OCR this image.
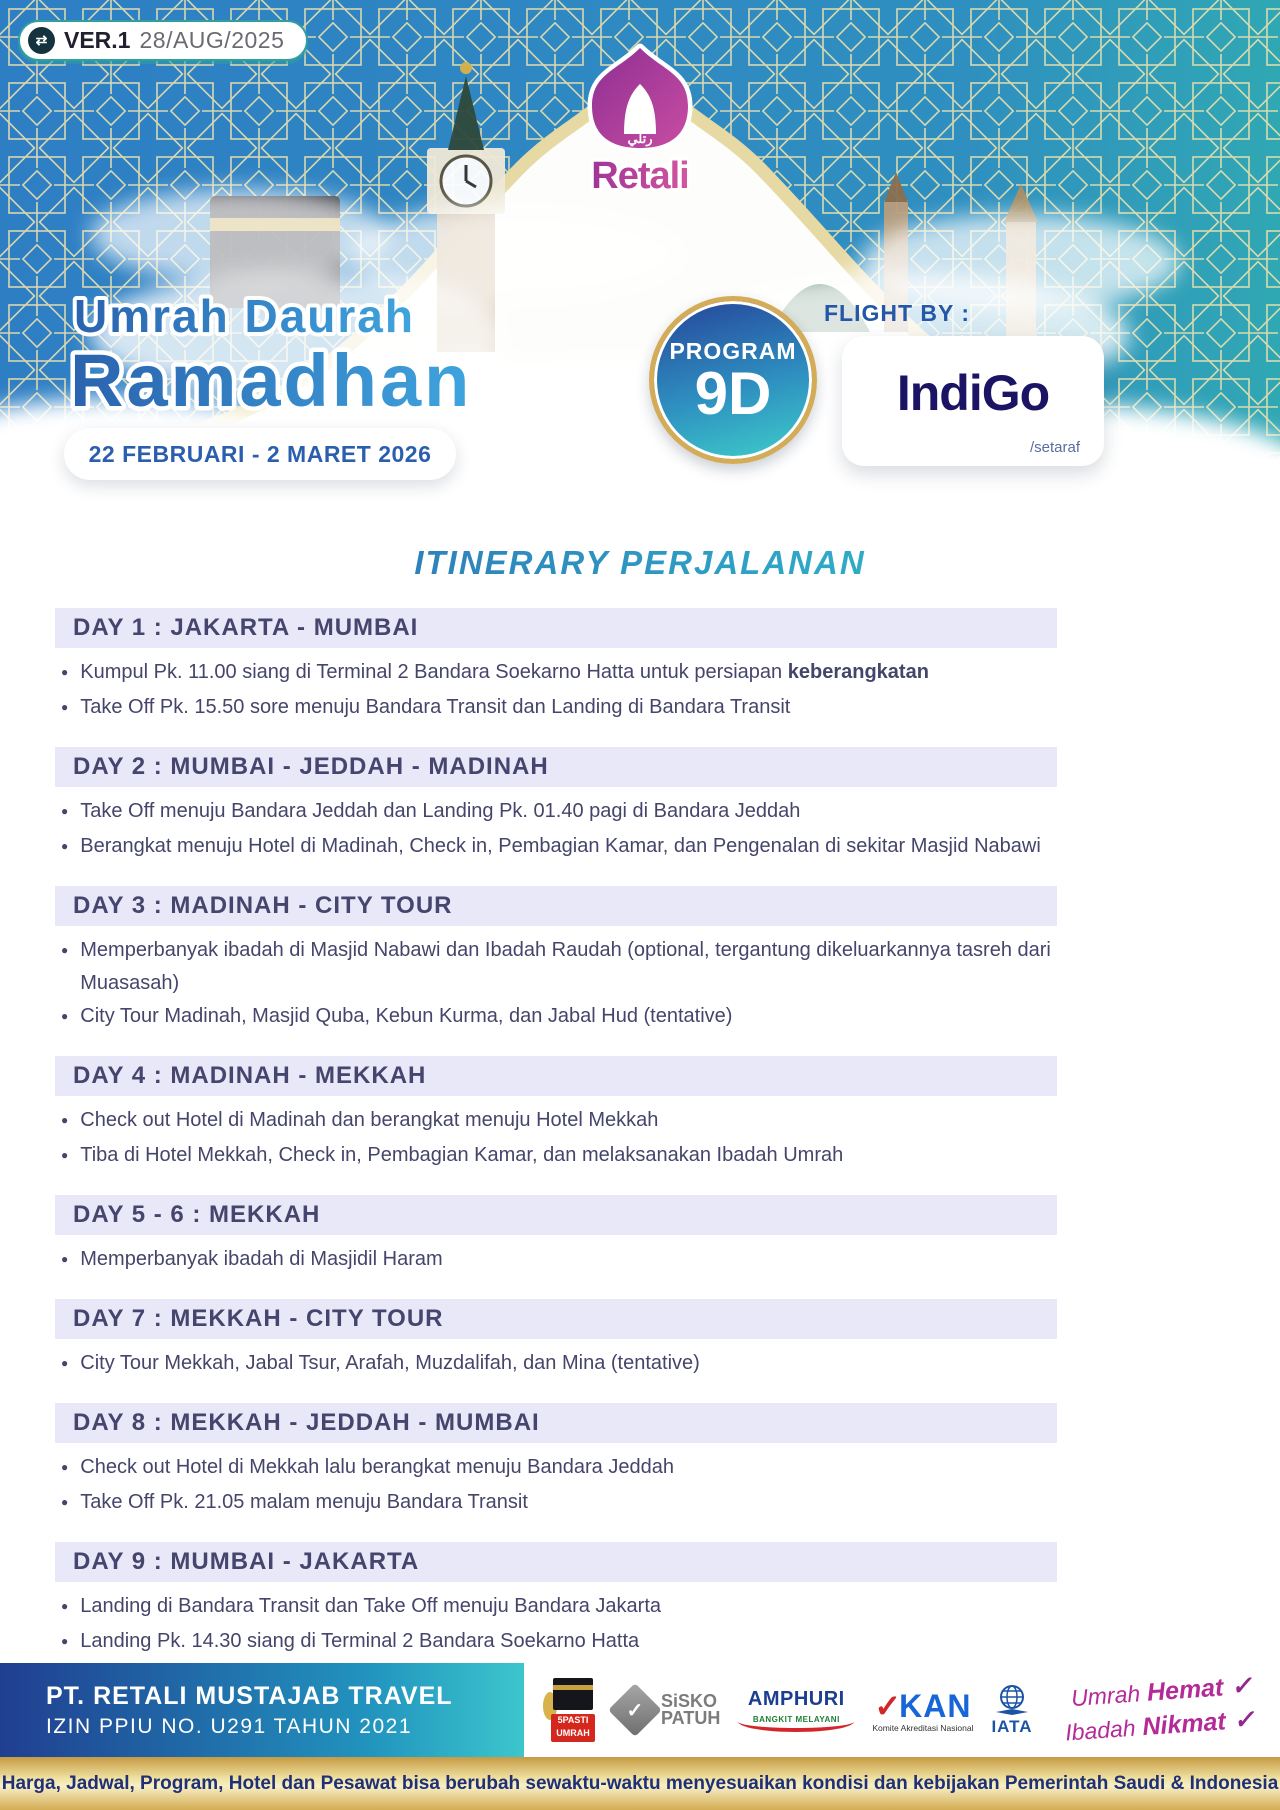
⇄ VER.1 28/AUG/2025
رتلي
Retali
Umrah Daurah
Ramadhan
22 FEBRUARI - 2 MARET 2026
PROGRAM
9D
FLIGHT BY :
IndiGo
/setaraf
ITINERARY PERJALANAN
DAY 1 : JAKARTA - MUMBAI
● Kumpul Pk. 11.00 siang di Terminal 2 Bandara Soekarno Hatta untuk persiapan keberangkatan
● Take Off Pk. 15.50 sore menuju Bandara Transit dan Landing di Bandara Transit
DAY 2 : MUMBAI - JEDDAH - MADINAH
● Take Off menuju Bandara Jeddah dan Landing Pk. 01.40 pagi di Bandara Jeddah
● Berangkat menuju Hotel di Madinah, Check in, Pembagian Kamar, dan Pengenalan di sekitar Masjid Nabawi
DAY 3 : MADINAH - CITY TOUR
● Memperbanyak ibadah di Masjid Nabawi dan Ibadah Raudah (optional, tergantung dikeluarkannya tasreh dari Muasasah)
● City Tour Madinah, Masjid Quba, Kebun Kurma, dan Jabal Hud (tentative)
DAY 4 : MADINAH - MEKKAH
● Check out Hotel di Madinah dan berangkat menuju Hotel Mekkah
● Tiba di Hotel Mekkah, Check in, Pembagian Kamar, dan melaksanakan Ibadah Umrah
DAY 5 - 6 : MEKKAH
● Memperbanyak ibadah di Masjidil Haram
DAY 7 : MEKKAH - CITY TOUR
● City Tour Mekkah, Jabal Tsur, Arafah, Muzdalifah, dan Mina (tentative)
DAY 8 : MEKKAH - JEDDAH - MUMBAI
● Check out Hotel di Mekkah lalu berangkat menuju Bandara Jeddah
● Take Off Pk. 21.05 malam menuju Bandara Transit
DAY 9 : MUMBAI - JAKARTA
● Landing di Bandara Transit dan Take Off menuju Bandara Jakarta
● Landing Pk. 14.30 siang di Terminal 2 Bandara Soekarno Hatta
PT. RETALI MUSTAJAB TRAVEL
IZIN PPIU NO. U291 TAHUN 2021	5PASTI
UMRAH
✓ SiSKO
PATUH
AMPHURI
BANGKIT MELAYANI ✓
KAN
Komite Akreditasi Nasional IATA
Umrah Hemat ✓
Ibadah Nikmat ✓
Harga, Jadwal, Program, Hotel dan Pesawat bisa berubah sewaktu-waktu menyesuaikan kondisi dan kebijakan Pemerintah Saudi & Indonesia
